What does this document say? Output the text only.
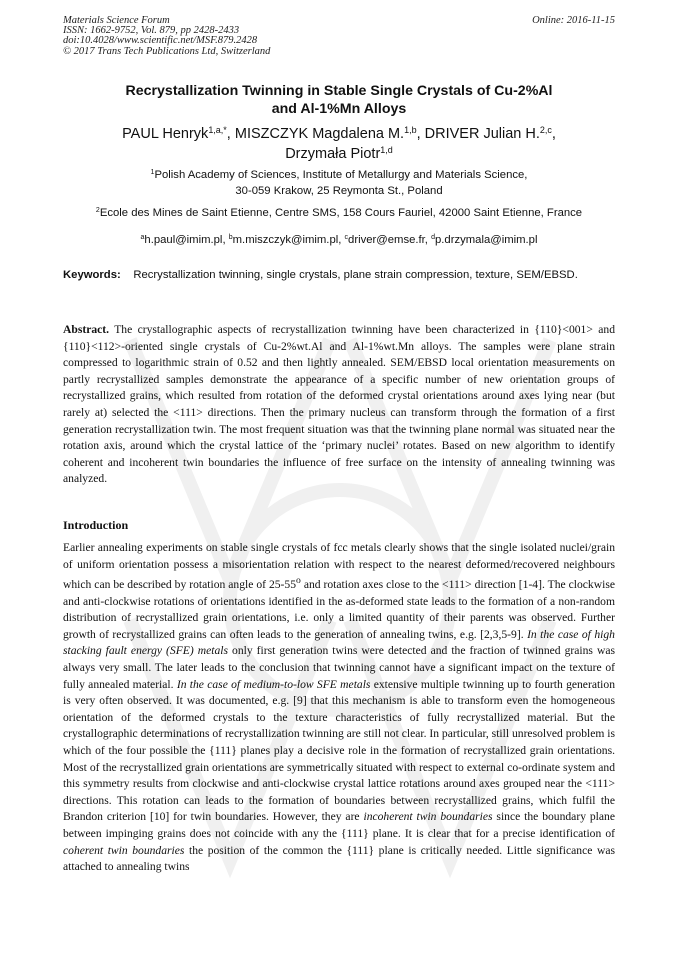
Materials Science Forum
ISSN: 1662-9752, Vol. 879, pp 2428-2433
doi:10.4028/www.scientific.net/MSF.879.2428
© 2017 Trans Tech Publications Ltd, Switzerland
Online: 2016-11-15
Recrystallization Twinning in Stable Single Crystals of Cu-2%Al
and Al-1%Mn Alloys
PAUL Henryk$^{1,a,*}$, MISZCZYK Magdalena M.$^{1,b}$, DRIVER Julian H.$^{2,c}$,
Drzymała Piotr$^{1,d}$
$^1$Polish Academy of Sciences, Institute of Metallurgy and Materials Science,
30-059 Krakow, 25 Reymonta St., Poland
$^2$Ecole des Mines de Saint Etienne, Centre SMS, 158 Cours Fauriel, 42000 Saint Etienne, France
$^a$h.paul@imim.pl, $^b$m.miszczyk@imim.pl, $^c$driver@emse.fr, $^d$p.drzymala@imim.pl
Keywords: Recrystallization twinning, single crystals, plane strain compression, texture, SEM/EBSD.
Abstract. The crystallographic aspects of recrystallization twinning have been characterized in {110}<001> and {110}<112>-oriented single crystals of Cu-2%wt.Al and Al-1%wt.Mn alloys. The samples were plane strain compressed to logarithmic strain of 0.52 and then lightly annealed. SEM/EBSD local orientation measurements on partly recrystallized samples demonstrate the appearance of a specific number of new orientation groups of recrystallized grains, which resulted from rotation of the deformed crystal orientations around axes lying near (but rarely at) selected the <111> directions. Then the primary nucleus can transform through the formation of a first generation recrystallization twin. The most frequent situation was that the twinning plane normal was situated near the rotation axis, around which the crystal lattice of the ‘primary nuclei’ rotates. Based on new algorithm to identify coherent and incoherent twin boundaries the influence of free surface on the intensity of annealing twinning was analyzed.
Introduction

Earlier annealing experiments on stable single crystals of fcc metals clearly shows that the single isolated nuclei/grain of uniform orientation possess a misorientation relation with respect to the nearest deformed/recovered neighbours which can be described by rotation angle of 25-55$^o$ and rotation axes close to the <111> direction [1-4]. The clockwise and anti-clockwise rotations of orientations identified in the as-deformed state leads to the formation of a non-random distribution of recrystallized grain orientations, i.e. only a limited quantity of their parents was observed. Further growth of recrystallized grains can often leads to the generation of annealing twins, e.g. [2,3,5-9]. In the case of high stacking fault energy (SFE) metals only first generation twins were detected and the fraction of twinned grains was always very small. The later leads to the conclusion that twinning cannot have a significant impact on the texture of fully annealed material. In the case of medium-to-low SFE metals extensive multiple twinning up to fourth generation is very often observed. It was documented, e.g. [9] that this mechanism is able to transform even the homogeneous orientation of the deformed crystals to the texture characteristics of fully recrystallized material. But the crystallographic determinations of recrystallization twinning are still not clear. In particular, still unresolved problem is which of the four possible the {111} planes play a decisive role in the formation of recrystallized grain orientations. Most of the recrystallized grain orientations are symmetrically situated with respect to external co-ordinate system and this symmetry results from clockwise and anti-clockwise crystal lattice rotations around axes grouped near the <111> directions. This rotation can leads to the formation of boundaries between recrystallized grains, which fulfil the Brandon criterion [10] for twin boundaries. However, they are incoherent twin boundaries since the boundary plane between impinging grains does not coincide with any the {111} plane. It is clear that for a precise identification of coherent twin boundaries the position of the common the {111} plane is critically needed. Little significance was attached to annealing twins
